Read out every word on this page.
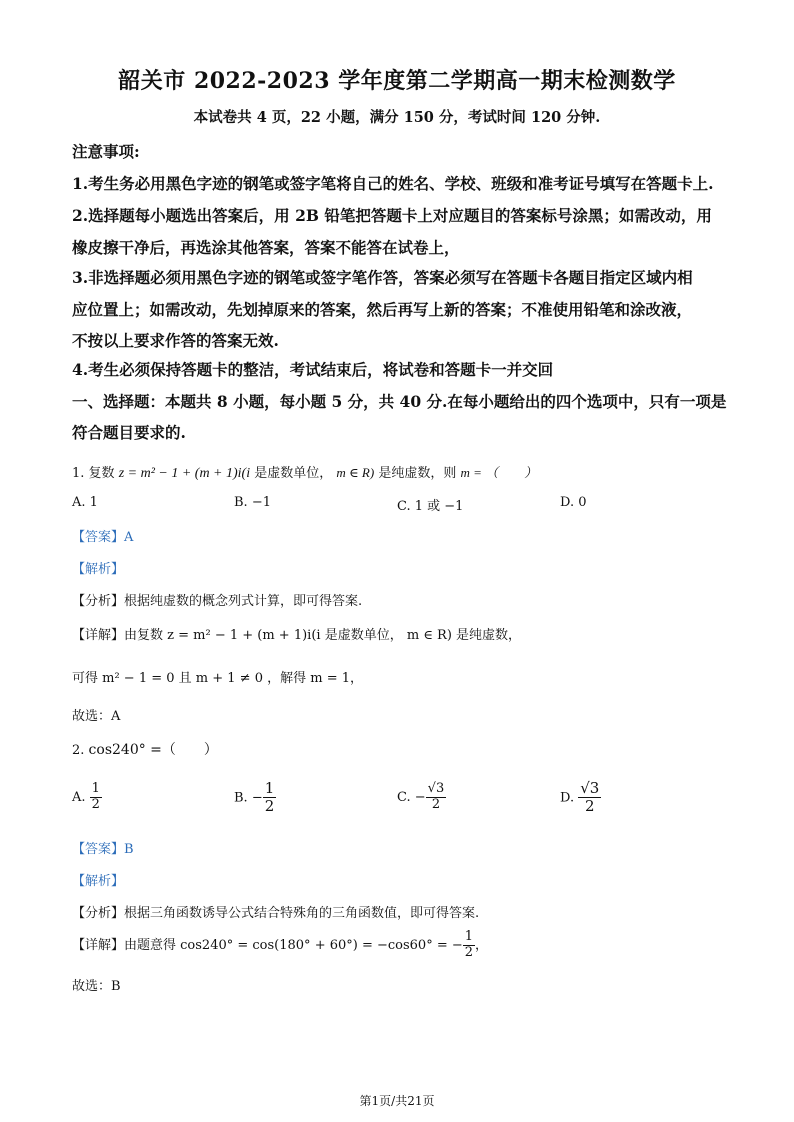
韶关市 2022-2023 学年度第二学期高一期末检测数学
本试卷共 4 页，22 小题，满分 150 分，考试时间 120 分钟.
注意事项:
1.考生务必用黑色字迹的钢笔或签字笔将自己的姓名、学校、班级和准考证号填写在答题卡上.
2.选择题每小题选出答案后，用 2B 铅笔把答题卡上对应题目的答案标号涂黑；如需改动，用
橡皮擦干净后，再选涂其他答案，答案不能答在试卷上，
3.非选择题必须用黑色字迹的钢笔或签字笔作答，答案必须写在答题卡各题目指定区域内相
应位置上；如需改动，先划掉原来的答案，然后再写上新的答案；不准使用铅笔和涂改液，
不按以上要求作答的答案无效.
4.考生必须保持答题卡的整洁，考试结束后，将试卷和答题卡一并交回
一、选择题：本题共 8 小题，每小题 5 分，共 40 分.在每小题给出的四个选项中，只有一项是
符合题目要求的.
1. 复数 z = m² − 1 + (m + 1)i(i 是虚数单位， m ∈ R) 是纯虚数，则 m = （　　）
A. 1	B. −1	C. 1 或 −1	D. 0
【答案】A
【解析】
【分析】根据纯虚数的概念列式计算，即可得答案.
【详解】由复数 z = m² − 1 + (m + 1)i(i 是虚数单位， m ∈ R) 是纯虚数，
可得 m² − 1 = 0 且 m + 1 ≠ 0 ，解得 m = 1，
故选：A
2. cos240° =（　　）
A. $\frac{1}{2}$	B. − $\frac{1}{2}$	C. − $\frac{√3}{2}$	D. $\frac{√3}{2}$
【答案】B
【解析】
【分析】根据三角函数诱导公式结合特殊角的三角函数值，即可得答案.
【详解】由题意得 cos240° = cos(180° + 60°) = −cos60° = − $\frac{1}{2}$ ，
故选：B
第1页/共21页
